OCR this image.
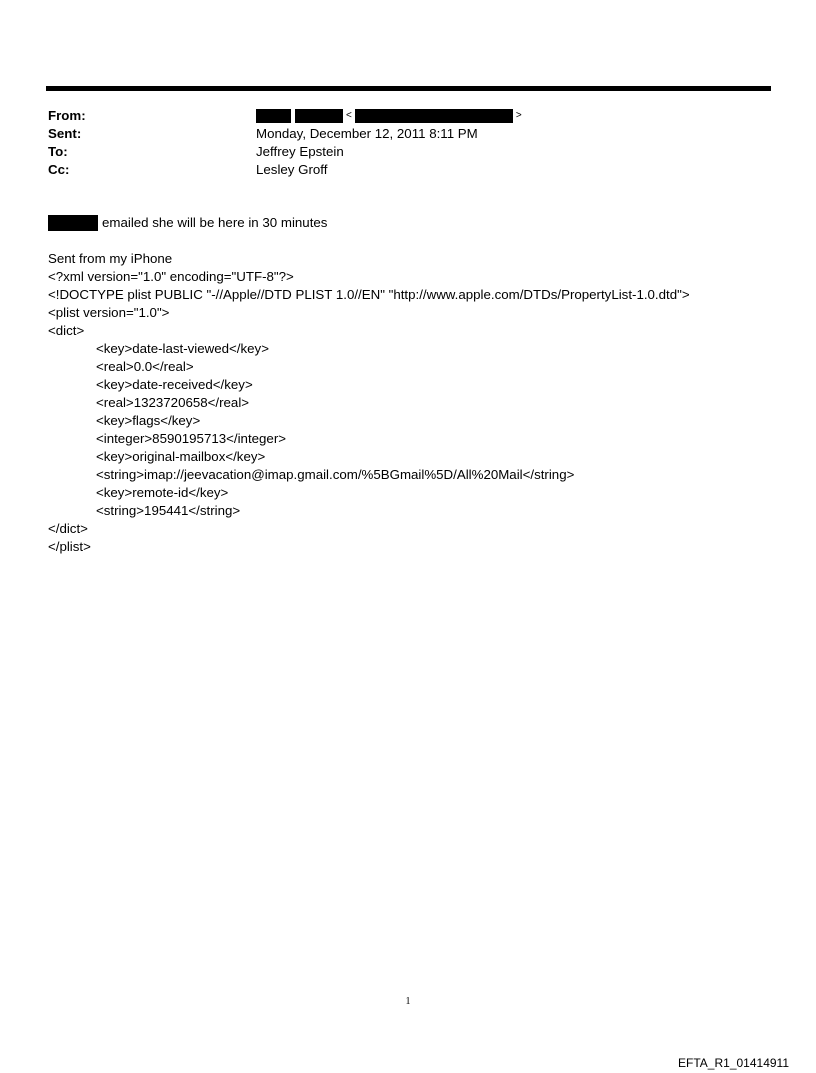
From:	<	>
Sent:	Monday, December 12, 2011 8:11 PM
To:	Jeffrey Epstein
Cc:	Lesley Groff
emailed she will be here in 30 minutes
Sent from my iPhone
<?xml version="1.0" encoding="UTF-8"?>
<!DOCTYPE plist PUBLIC "-//Apple//DTD PLIST 1.0//EN" "http://www.apple.com/DTDs/PropertyList-1.0.dtd">
<plist version="1.0">
<dict>
<key>date-last-viewed</key>
<real>0.0</real>
<key>date-received</key>
<real>1323720658</real>
<key>flags</key>
<integer>8590195713</integer>
<key>original-mailbox</key>
<string>imap://jeevacation@imap.gmail.com/%5BGmail%5D/All%20Mail</string>
<key>remote-id</key>
<string>195441</string>
</dict>
</plist>
1
EFTA_R1_01414911
